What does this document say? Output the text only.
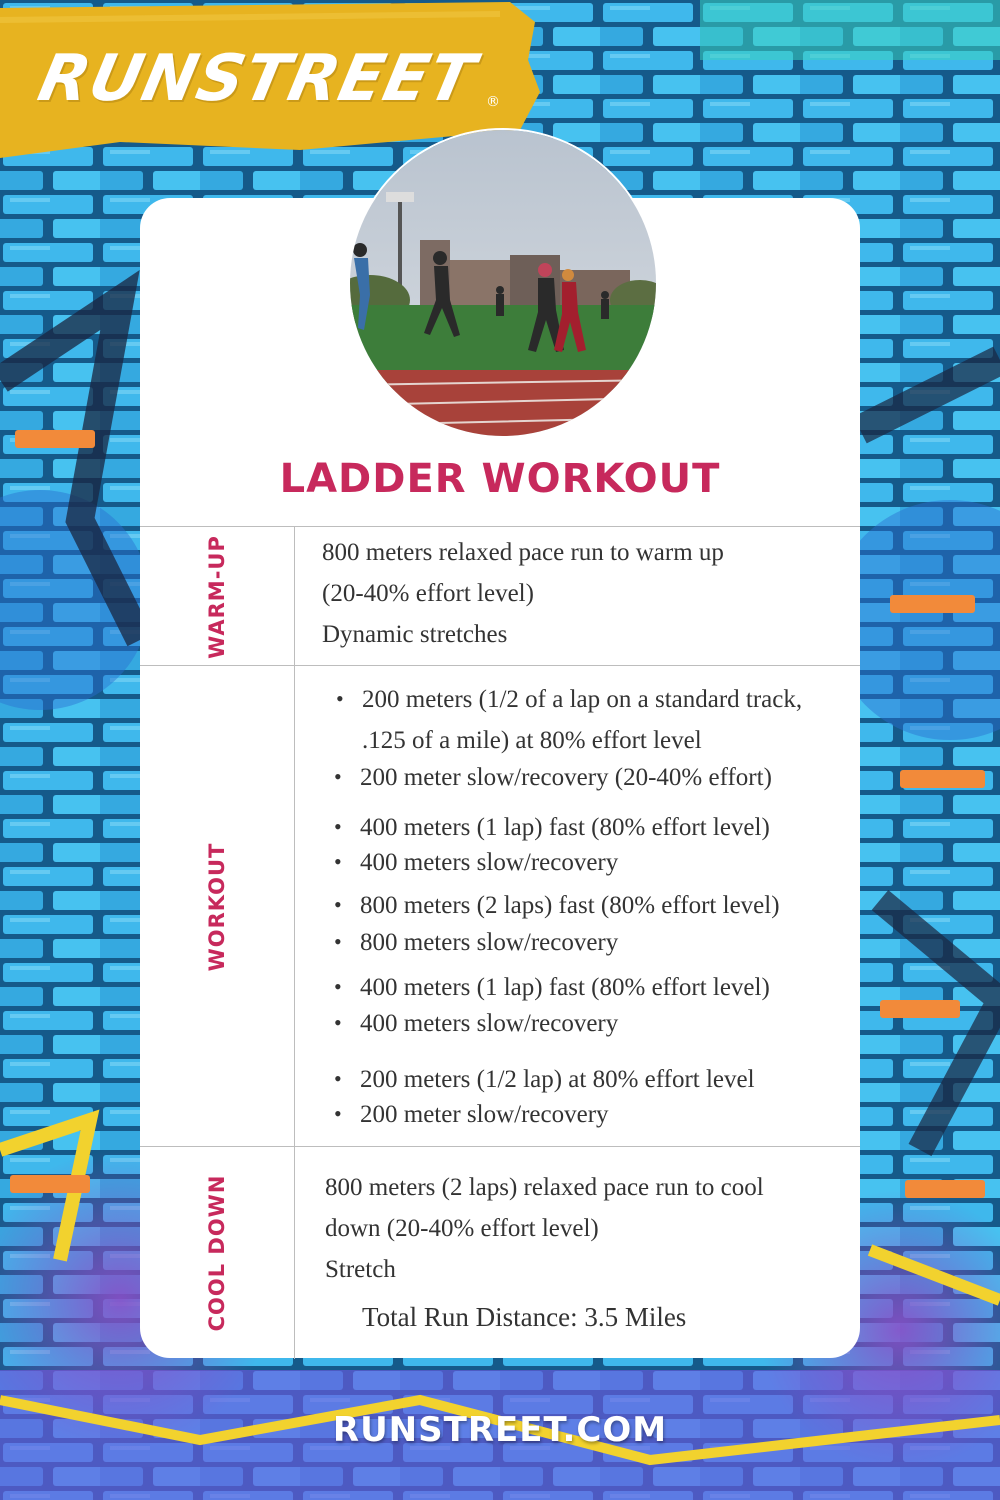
RUNSTREET ®
LADDER WORKOUT
WARM-UP	800 meters relaxed pace run to warm up
(20-40% effort level)
Dynamic stretches
WORKOUT
• 200 meters (1/2 of a lap on a standard track,
.125 of a mile) at 80% effort level
• 200 meter slow/recovery (20-40% effort)
• 400 meters (1 lap) fast (80% effort level)
• 400 meters slow/recovery
• 800 meters (2 laps) fast (80% effort level)
• 800 meters slow/recovery
• 400 meters (1 lap) fast (80% effort level)
• 400 meters slow/recovery
• 200 meters (1/2 lap) at 80% effort level
• 200 meter slow/recovery
COOL DOWN	800 meters (2 laps) relaxed pace run to cool
down (20-40% effort level)
Stretch
Total Run Distance: 3.5 Miles
RUNSTREET.COM
